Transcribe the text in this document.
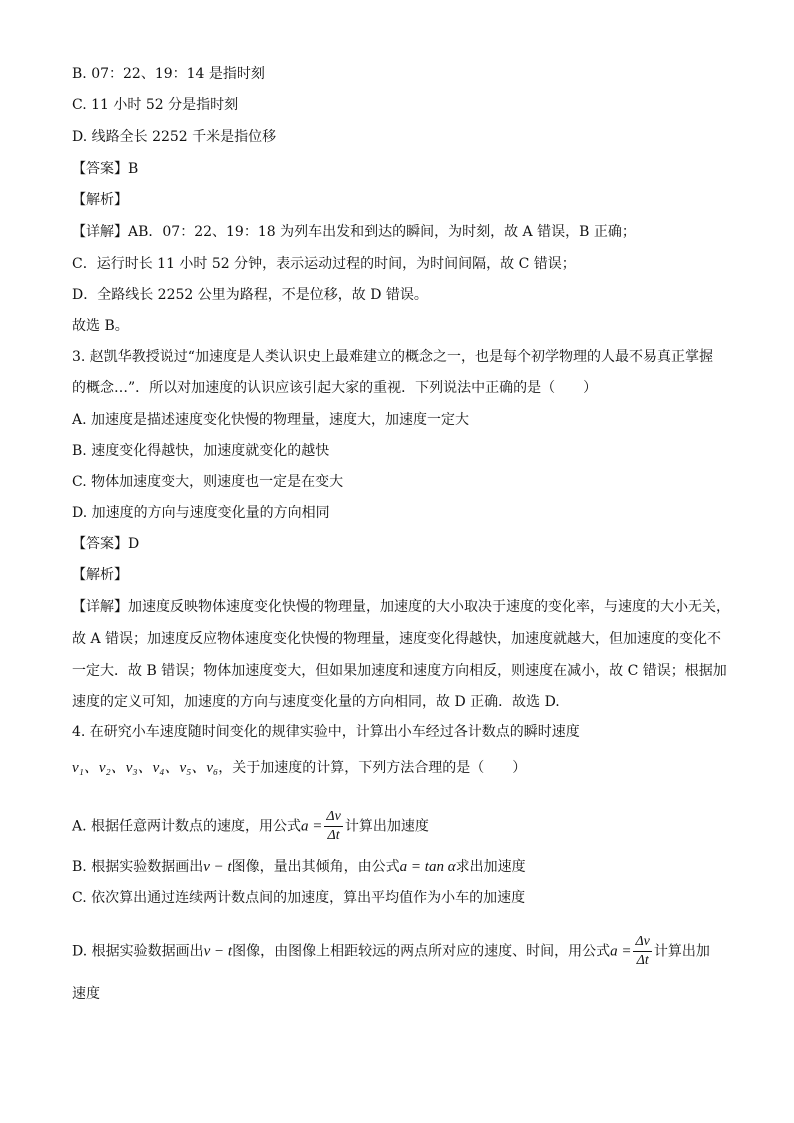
B. 07：22、19：14 是指时刻
C. 11 小时 52 分是指时刻
D. 线路全长 2252 千米是指位移
【答案】B
【解析】
【详解】AB．07：22、19：18 为列车出发和到达的瞬间，为时刻，故 A 错误，B 正确；
C．运行时长 11 小时 52 分钟，表示运动过程的时间，为时间间隔，故 C 错误；
D．全路线长 2252 公里为路程，不是位移，故 D 错误。
故选 B。
3. 赵凯华教授说过“加速度是人类认识史上最难建立的概念之一，也是每个初学物理的人最不易真正掌握
的概念…”．所以对加速度的认识应该引起大家的重视．下列说法中正确的是（　　）
A. 加速度是描述速度变化快慢的物理量，速度大，加速度一定大
B. 速度变化得越快，加速度就变化的越快
C. 物体加速度变大，则速度也一定是在变大
D. 加速度的方向与速度变化量的方向相同
【答案】D
【解析】
【详解】加速度反映物体速度变化快慢的物理量，加速度的大小取决于速度的变化率，与速度的大小无关，
故 A 错误；加速度反应物体速度变化快慢的物理量，速度变化得越快，加速度就越大，但加速度的变化不
一定大．故 B 错误；物体加速度变大，但如果加速度和速度方向相反，则速度在减小，故 C 错误；根据加
速度的定义可知，加速度的方向与速度变化量的方向相同，故 D 正确．故选 D.
4. 在研究小车速度随时间变化的规律实验中，计算出小车经过各计数点的瞬时速度
v₁、v₂、v₃、v₄、v₅、v₆，关于加速度的计算，下列方法合理的是（　　）
A. 根据任意两计数点的速度，用公式$a = \frac{\Delta v}{\Delta t}$ 计算出加速度
B. 根据实验数据画出v − t图像，量出其倾角，由公式a = tan α求出加速度
C. 依次算出通过连续两计数点间的加速度，算出平均值作为小车的加速度
D. 根据实验数据画出v − t图像，由图像上相距较远的两点所对应的速度、时间，用公式$a = \frac{\Delta v}{\Delta t}$ 计算出加
速度
